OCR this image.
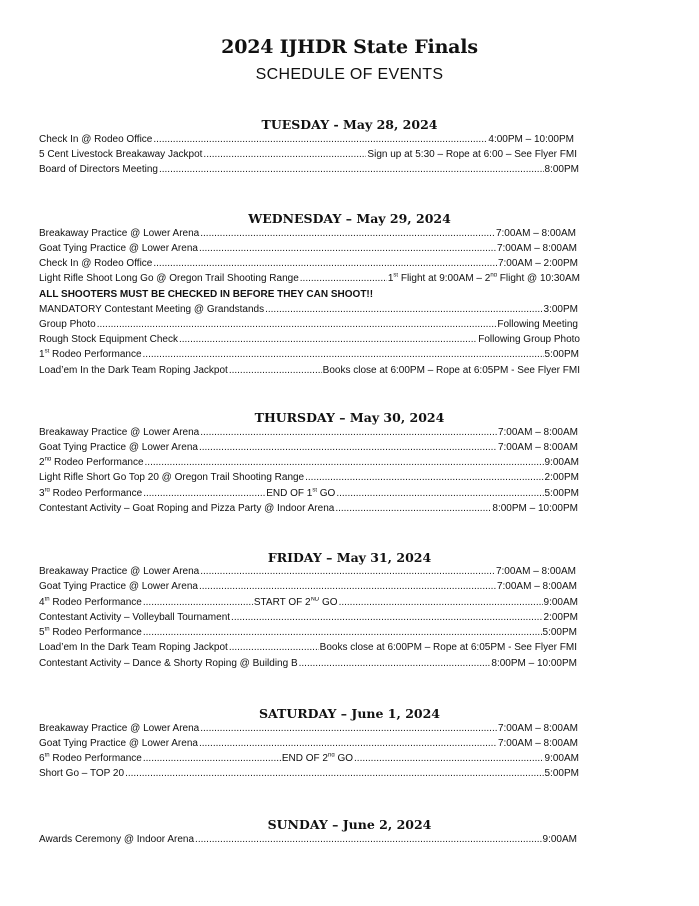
2024 IJHDR State Finals
SCHEDULE OF EVENTS
TUESDAY - May 28, 2024
Check In @ Rodeo Office .....	4:00PM – 10:00PM
5 Cent Livestock Breakaway Jackpot .....	Sign up at 5:30 – Rope at 6:00 – See Flyer FMI
Board of Directors Meeting .....	8:00PM
WEDNESDAY – May 29, 2024
Breakaway Practice @ Lower Arena .....	7:00AM – 8:00AM
Goat Tying Practice @ Lower Arena .....	7:00AM – 8:00AM
Check In @ Rodeo Office .....	7:00AM – 2:00PM
Light Rifle Shoot Long Go @ Oregon Trail Shooting Range .....	1st Flight at 9:00AM – 2nd Flight @ 10:30AM
ALL SHOOTERS MUST BE CHECKED IN BEFORE THEY CAN SHOOT!!
MANDATORY Contestant Meeting @ Grandstands .....	3:00PM
Group Photo .....	Following Meeting
Rough Stock Equipment Check .....	Following Group Photo
1st Rodeo Performance .....	5:00PM
Load’em In the Dark Team Roping Jackpot .....	Books close at 6:00PM – Rope at 6:05PM - See Flyer FMI
THURSDAY – May 30, 2024
Breakaway Practice @ Lower Arena .....	7:00AM – 8:00AM
Goat Tying Practice @ Lower Arena .....	7:00AM – 8:00AM
2nd Rodeo Performance .....	9:00AM
Light Rifle Short Go Top 20 @ Oregon Trail Shooting Range .....	2:00PM
3rd Rodeo Performance .....	END OF 1st GO .....	5:00PM
Contestant Activity – Goat Roping and Pizza Party @ Indoor Arena .....	8:00PM – 10:00PM
FRIDAY – May 31, 2024
Breakaway Practice @ Lower Arena .....	7:00AM – 8:00AM
Goat Tying Practice @ Lower Arena .....	7:00AM – 8:00AM
4th Rodeo Performance .....	START OF 2ND GO .....	9:00AM
Contestant Activity – Volleyball Tournament .....	2:00PM
5th Rodeo Performance .....	5:00PM
Load’em In the Dark Team Roping Jackpot .....	Books close at 6:00PM – Rope at 6:05PM - See Flyer FMI
Contestant Activity – Dance & Shorty Roping @ Building B .....	8:00PM – 10:00PM
SATURDAY – June 1, 2024
Breakaway Practice @ Lower Arena .....	7:00AM – 8:00AM
Goat Tying Practice @ Lower Arena .....	7:00AM – 8:00AM
6th Rodeo Performance .....	END OF 2nd GO .....	9:00AM
Short Go – TOP 20 .....	5:00PM
SUNDAY – June 2, 2024
Awards Ceremony @ Indoor Arena .....	9:00AM
